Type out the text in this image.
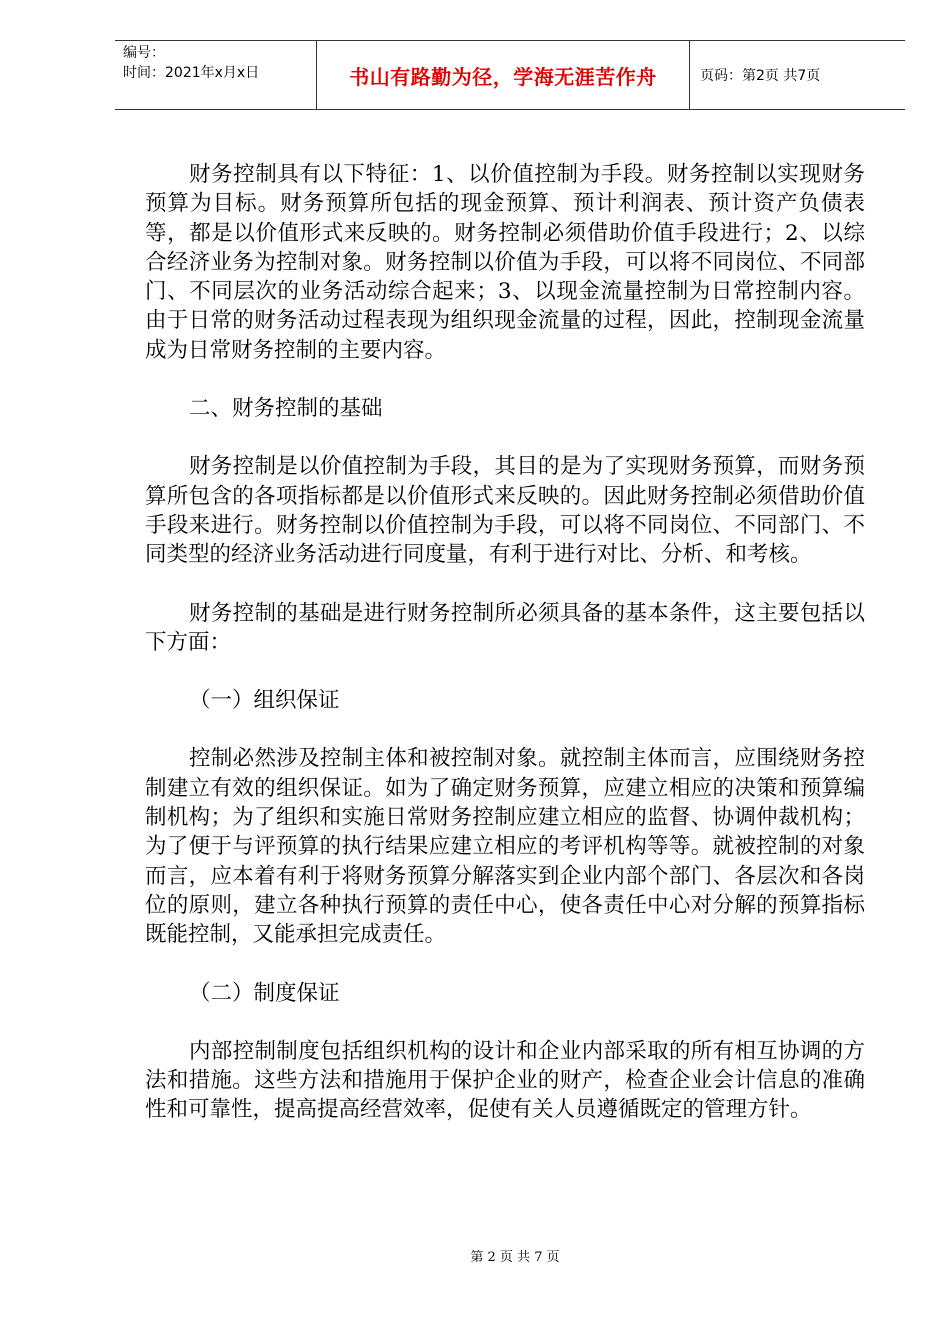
编号：
时间：2021年x月x日	书山有路勤为径，学海无涯苦作舟	页码：第2页 共7页

财务控制具有以下特征：1、以价值控制为手段。财务控制以实现财务预算为目标。财务预算所包括的现金预算、预计利润表、预计资产负债表等，都是以价值形式来反映的。财务控制必须借助价值手段进行；2、以综合经济业务为控制对象。财务控制以价值为手段，可以将不同岗位、不同部门、不同层次的业务活动综合起来；3、以现金流量控制为日常控制内容。由于日常的财务活动过程表现为组织现金流量的过程，因此，控制现金流量成为日常财务控制的主要内容。

二、财务控制的基础

财务控制是以价值控制为手段，其目的是为了实现财务预算，而财务预算所包含的各项指标都是以价值形式来反映的。因此财务控制必须借助价值手段来进行。财务控制以价值控制为手段，可以将不同岗位、不同部门、不同类型的经济业务活动进行同度量，有利于进行对比、分析、和考核。

财务控制的基础是进行财务控制所必须具备的基本条件，这主要包括以下方面：

（一）组织保证

控制必然涉及控制主体和被控制对象。就控制主体而言，应围绕财务控制建立有效的组织保证。如为了确定财务预算，应建立相应的决策和预算编制机构；为了组织和实施日常财务控制应建立相应的监督、协调仲裁机构；为了便于与评预算的执行结果应建立相应的考评机构等等。就被控制的对象而言，应本着有利于将财务预算分解落实到企业内部个部门、各层次和各岗位的原则，建立各种执行预算的责任中心，使各责任中心对分解的预算指标既能控制，又能承担完成责任。

（二）制度保证

内部控制制度包括组织机构的设计和企业内部采取的所有相互协调的方法和措施。这些方法和措施用于保护企业的财产，检查企业会计信息的准确性和可靠性，提高提高经营效率，促使有关人员遵循既定的管理方针。

第 2 页 共 7 页
